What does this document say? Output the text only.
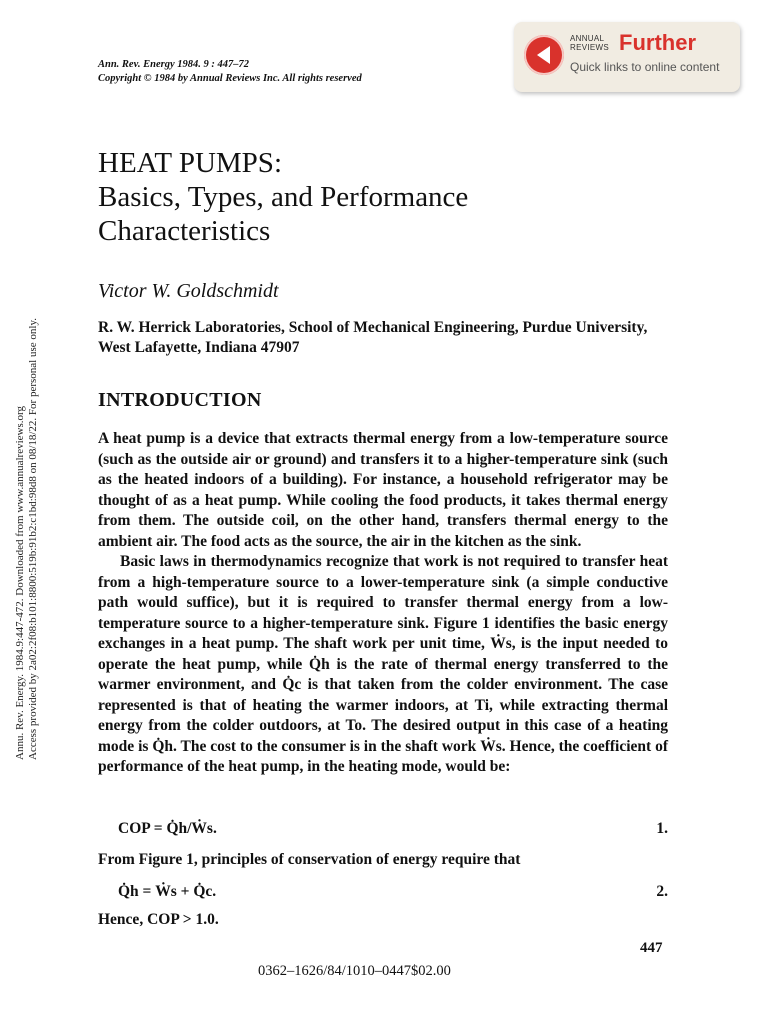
Ann. Rev. Energy 1984. 9 : 447–72
Copyright © 1984 by Annual Reviews Inc. All rights reserved
ANNUAL
REVIEWS Further
Quick links to online content
HEAT PUMPS:
Basics, Types, and Performance
Characteristics
Victor W. Goldschmidt
R. W. Herrick Laboratories, School of Mechanical Engineering, Purdue University, West Lafayette, Indiana 47907
INTRODUCTION

A heat pump is a device that extracts thermal energy from a low-temperature source (such as the outside air or ground) and transfers it to a higher-temperature sink (such as the heated indoors of a building). For instance, a household refrigerator may be thought of as a heat pump. While cooling the food products, it takes thermal energy from them. The outside coil, on the other hand, transfers thermal energy to the ambient air. The food acts as the source, the air in the kitchen as the sink.

Basic laws in thermodynamics recognize that work is not required to transfer heat from a high-temperature source to a lower-temperature sink (a simple conductive path would suffice), but it is required to transfer thermal energy from a low-temperature source to a higher-temperature sink. Figure 1 identifies the basic energy exchanges in a heat pump. The shaft work per unit time, Ẇs, is the input needed to operate the heat pump, while Q̇h is the rate of thermal energy transferred to the warmer environment, and Q̇c is that taken from the colder environment. The case represented is that of heating the warmer indoors, at Ti, while extracting thermal energy from the colder outdoors, at To. The desired output in this case of a heating mode is Q̇h. The cost to the consumer is in the shaft work Ẇs. Hence, the coefficient of performance of the heat pump, in the heating mode, would be:

COP = Q̇h/Ẇs.	1.
From Figure 1, principles of conservation of energy require that
Q̇h = Ẇs + Q̇c.	2.
Hence, COP > 1.0.
447
0362–1626/84/1010–0447$02.00
Annu. Rev. Energy. 1984.9:447-472. Downloaded from www.annualreviews.org Access provided by 2a02:2f08:b101:8800:519b:91b2:c1bd:98d8 on 08/18/22. For personal use only.
